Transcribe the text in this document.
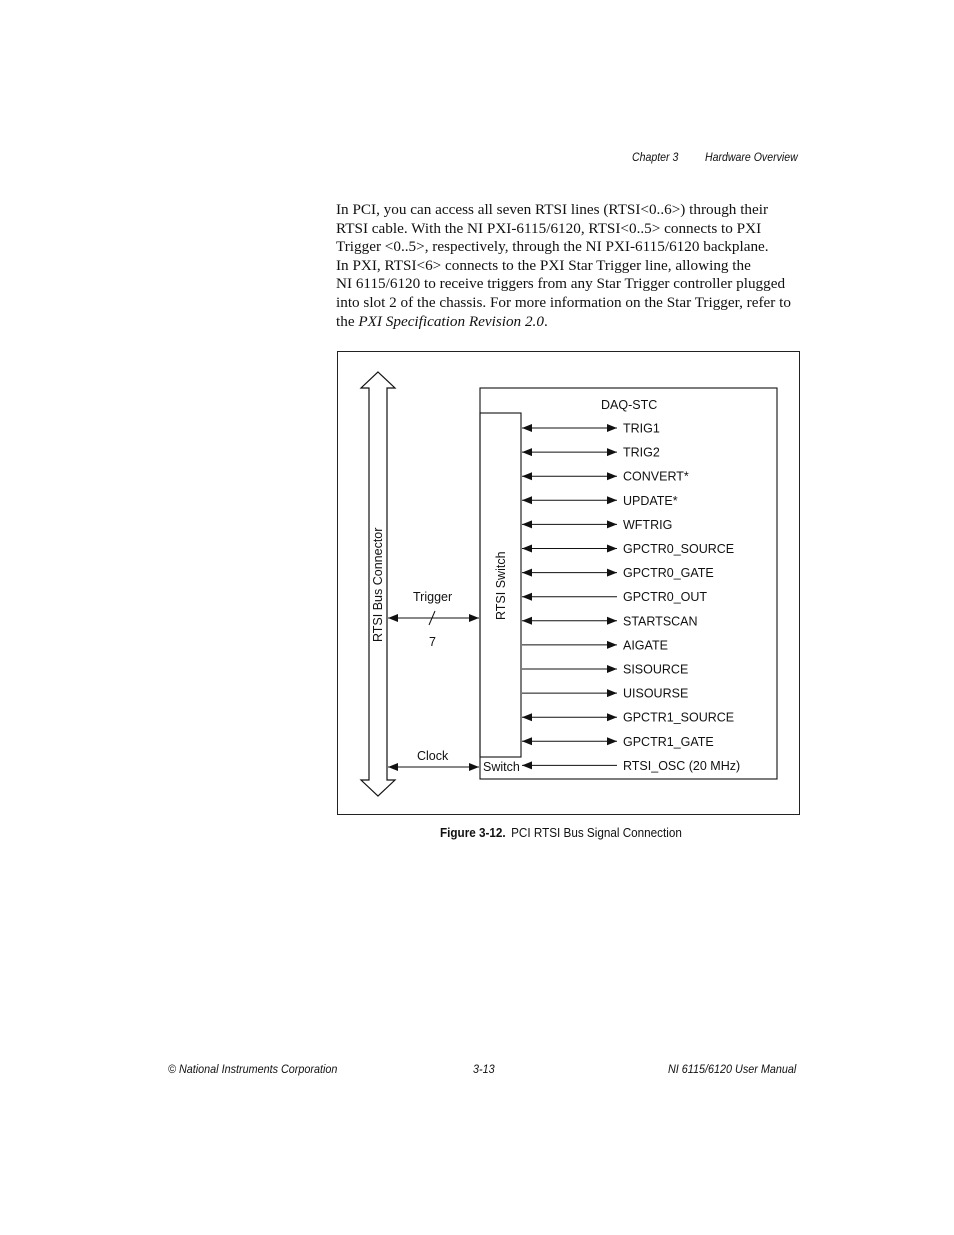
Chapter 3 Hardware Overview
In PCI, you can access all seven RTSI lines (RTSI<0..6>) through their
RTSI cable. With the NI PXI-6115/6120, RTSI<0..5> connects to PXI
Trigger <0..5>, respectively, through the NI PXI-6115/6120 backplane.
In PXI, RTSI<6> connects to the PXI Star Trigger line, allowing the
NI 6115/6120 to receive triggers from any Star Trigger controller plugged
into slot 2 of the chassis. For more information on the Star Trigger, refer to
the PXI Specification Revision 2.0.
RTSI Bus Connector
DAQ-STC
RTSI Switch
Switch
Trigger
7
Clock
TRIG1
TRIG2
CONVERT*
UPDATE*
WFTRIG
GPCTR0_SOURCE
GPCTR0_GATE
GPCTR0_OUT
STARTSCAN
AIGATE
SISOURCE
UISOURSE
GPCTR1_SOURCE
GPCTR1_GATE
RTSI_OSC (20 MHz)
Figure 3-12. PCI RTSI Bus Signal Connection
© National Instruments Corporation	3-13	NI 6115/6120 User Manual
